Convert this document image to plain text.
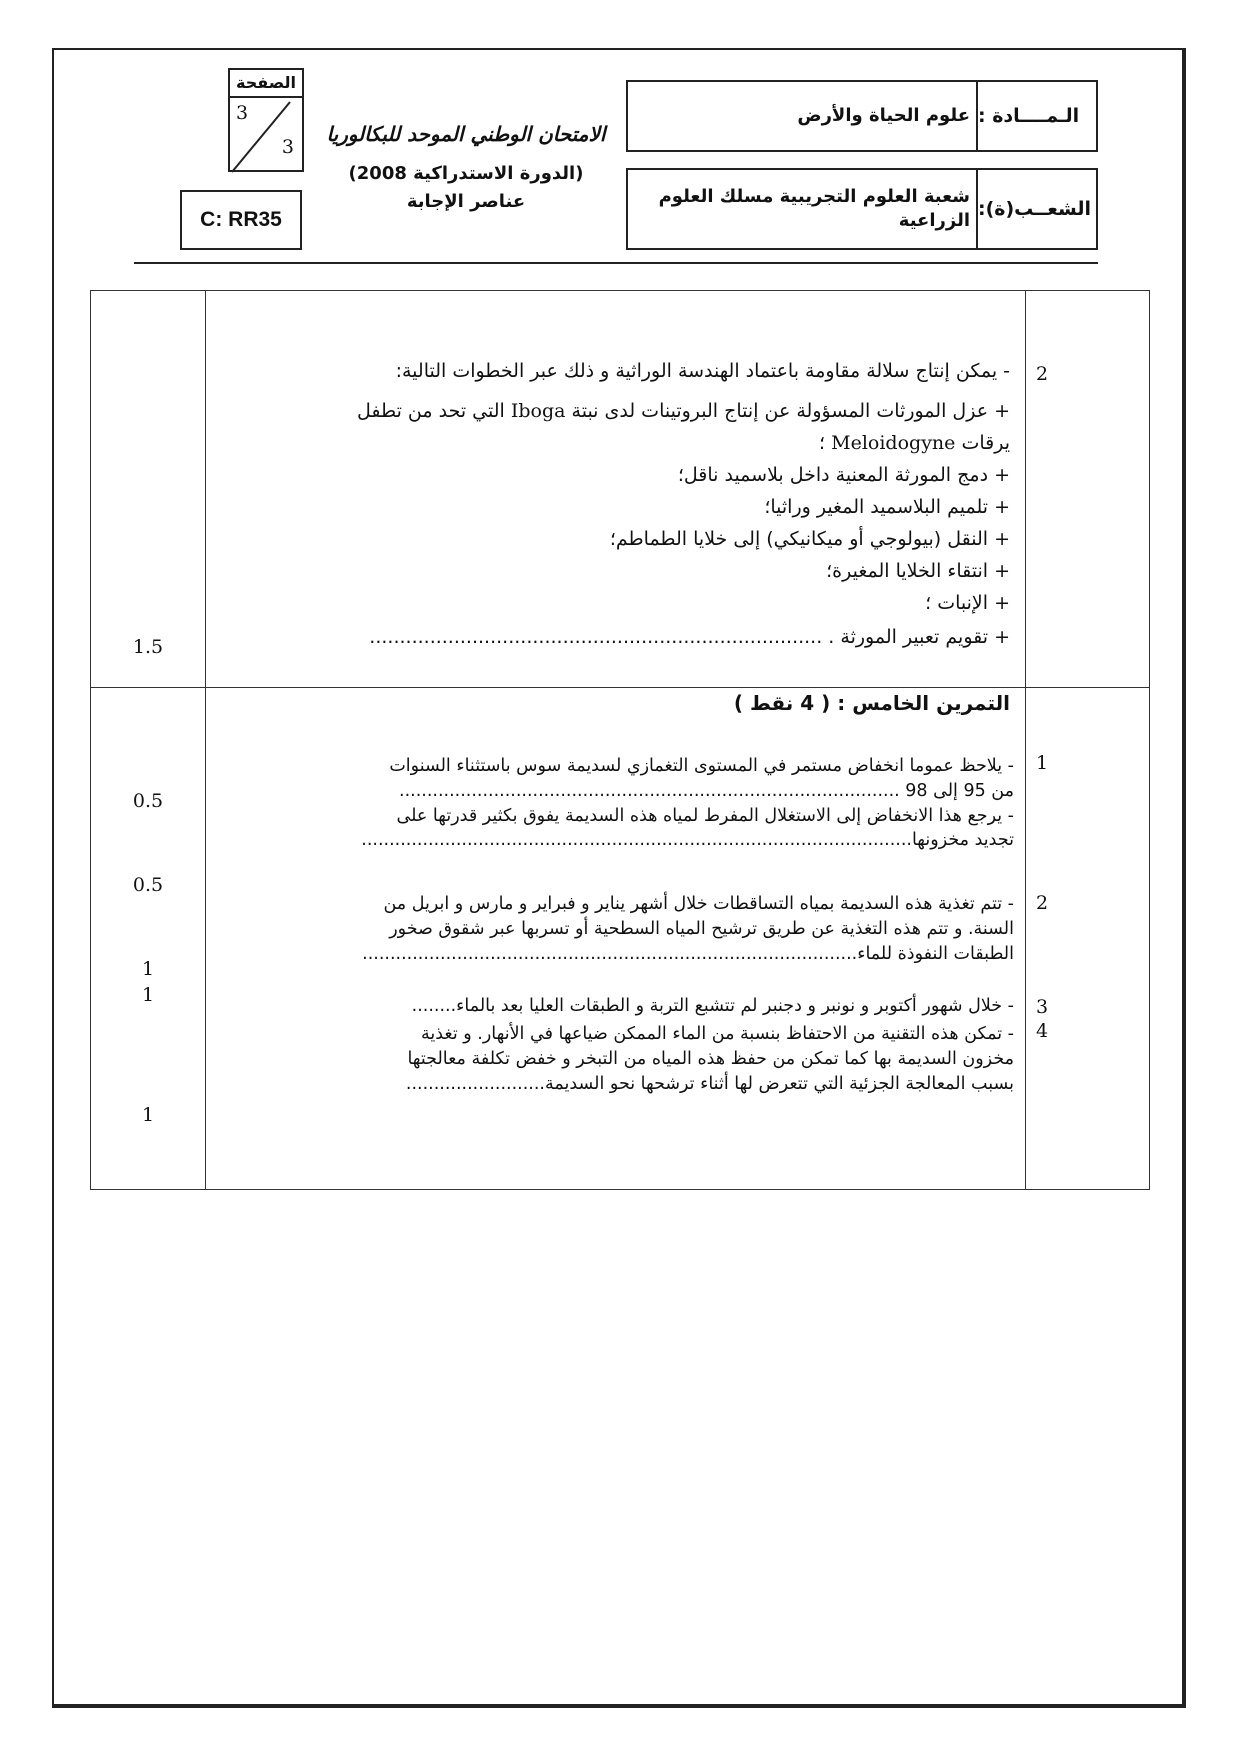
الصفحة
3
3
C: RR35
الامتحان الوطني الموحد للبكالوريا
(الدورة الاستدراكية 2008)
عناصر الإجابة
الـمــــادة :
علوم الحياة والأرض
الشعــب(ة):
شعبة العلوم التجريبية مسلك العلوم الزراعية
2
1.5
- يمكن إنتاج سلالة مقاومة باعتماد الهندسة الوراثية و ذلك عبر الخطوات التالية:
+ عزل المورثات المسؤولة عن إنتاج البروتينات لدى نبتة Iboga التي تحد من تطفل
يرقات Meloidogyne ؛
+ دمج المورثة المعنية داخل بلاسميد ناقل؛
+ تلميم البلاسميد المغير وراثيا؛
+ النقل (بيولوجي أو ميكانيكي) إلى خلايا الطماطم؛
+ انتقاء الخلايا المغيرة؛
+ الإنبات ؛
+ تقويم تعبير المورثة . ...........................................................................
التمرين الخامس : ( 4 نقط )
1
2
3
4
0.5
0.5
1
1
1
- يلاحظ عموما انخفاض مستمر في المستوى التغمازي لسديمة سوس باستثناء السنوات
من 95 إلى 98 ..........................................................................................
- يرجع هذا الانخفاض إلى الاستغلال المفرط لمياه هذه السديمة يفوق بكثير قدرتها على
تجديد مخزونها...................................................................................................
- تتم تغذية هذه السديمة بمياه التساقطات خلال أشهر يناير و فبراير و مارس و ابريل من
السنة. و تتم هذه التغذية عن طريق ترشيح المياه السطحية أو تسربها عبر شقوق صخور
الطبقات النفوذة للماء.........................................................................................
- خلال شهور أكتوبر و نونبر و دجنبر لم تتشبع التربة و الطبقات العليا بعد بالماء........
- تمكن هذه التقنية من الاحتفاظ بنسبة من الماء الممكن ضياعها في الأنهار. و تغذية
مخزون السديمة بها كما تمكن من حفظ هذه المياه من التبخر و خفض تكلفة معالجتها
بسبب المعالجة الجزئية التي تتعرض لها أثناء ترشحها نحو السديمة.........................
